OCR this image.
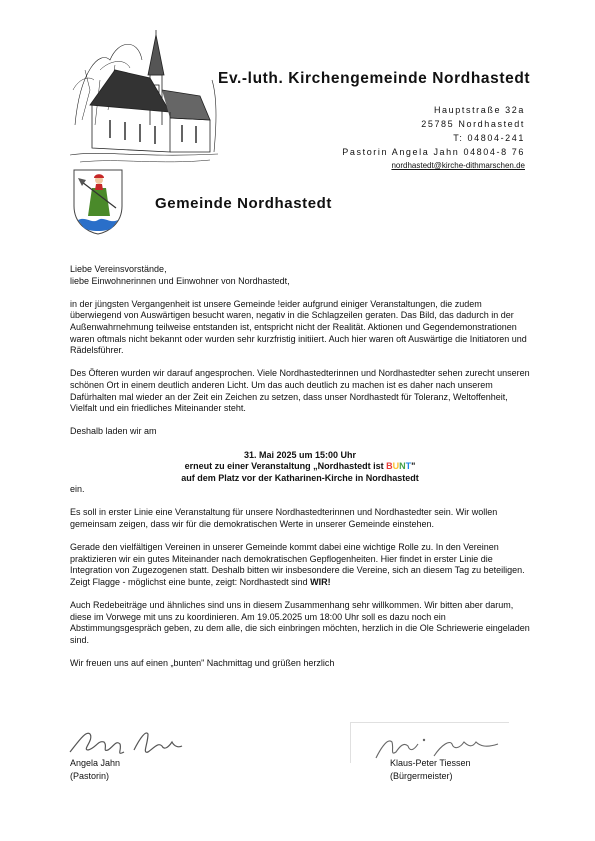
Ev.-luth. Kirchengemeinde Nordhastedt
Hauptstraße 32a
25785 Nordhastedt
T: 04804-241
Pastorin Angela Jahn 04804-8 76
nordhastedt@kirche-dithmarschen.de
Gemeinde Nordhastedt

Liebe Vereinsvorstände,

liebe Einwohnerinnen und Einwohner von Nordhastedt,

in der jüngsten Vergangenheit ist unsere Gemeinde !eider aufgrund einiger Veranstaltungen, die zudem überwiegend von Auswärtigen besucht waren, negativ in die Schlagzeilen geraten. Das Bild, das dadurch in der Außenwahrnehmung teilweise entstanden ist, entspricht nicht der Realität. Aktionen und Gegendemonstrationen waren oftmals nicht bekannt oder wurden sehr kurzfristig initiiert. Auch hier waren oft Auswärtige die Initiatoren und Rädelsführer.

Des Öfteren wurden wir darauf angesprochen. Viele Nordhastedterinnen und Nordhastedter sehen zurecht unseren schönen Ort in einem deutlich anderen Licht. Um das auch deutlich zu machen ist es daher nach unserem Dafürhalten mal wieder an der Zeit ein Zeichen zu setzen, dass unser Nordhastedt für Toleranz, Weltoffenheit, Vielfalt und ein friedliches Miteinander steht.

Deshalb laden wir am

31. Mai 2025 um 15:00 Uhr
erneut zu einer Veranstaltung „Nordhastedt ist BUNT"
auf dem Platz vor der Katharinen-Kirche in Nordhastedt

ein.

Es soll in erster Linie eine Veranstaltung für unsere Nordhastedterinnen und Nordhastedter sein. Wir wollen gemeinsam zeigen, dass wir für die demokratischen Werte in unserer Gemeinde einstehen.

Gerade den vielfältigen Vereinen in unserer Gemeinde kommt dabei eine wichtige Rolle zu. In den Vereinen praktizieren wir ein gutes Miteinander nach demokratischen Gepflogenheiten. Hier findet in erster Linie die Integration von Zugezogenen statt. Deshalb bitten wir insbesondere die Vereine, sich an diesem Tag zu beteiligen. Zeigt Flagge - möglichst eine bunte, zeigt: Nordhastedt sind WIR!

Auch Redebeiträge und ähnliches sind uns in diesem Zusammenhang sehr willkommen. Wir bitten aber darum, diese im Vorwege mit uns zu koordinieren. Am 19.05.2025 um 18:00 Uhr soll es dazu noch ein Abstimmungsgespräch geben, zu dem alle, die sich einbringen möchten, herzlich in die Ole Schriewerie eingeladen sind.

Wir freuen uns auf einen „bunten" Nachmittag und grüßen herzlich

Angela Jahn
(Pastorin)
Klaus-Peter Tiessen
(Bürgermeister)
